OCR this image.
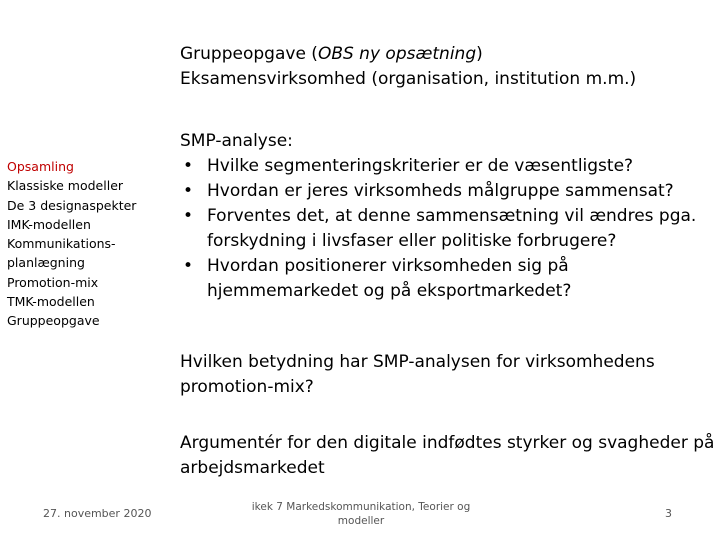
Opsamling
Klassiske modeller
De 3 designaspekter
IMK-modellen
Kommunikations-
planlægning
Promotion-mix
TMK-modellen
Gruppeopgave
Gruppeopgave (OBS ny opsætning)
Eksamensvirksomhed (organisation, institution m.m.)
SMP-analyse:
• Hvilke segmenteringskriterier er de væsentligste?
• Hvordan er jeres virksomheds målgruppe sammensat?
• Forventes det, at denne sammensætning vil ændres pga. forskydning i livsfaser eller politiske forbrugere?
• Hvordan positionerer virksomheden sig på hjemmemarkedet og på eksportmarkedet?
Hvilken betydning har SMP-analysen for virksomhedens promotion-mix?
Argumentér for den digitale indfødtes styrker og svagheder på arbejdsmarkedet
27. november 2020	ikek 7 Markedskommunikation, Teorier og modeller
3
